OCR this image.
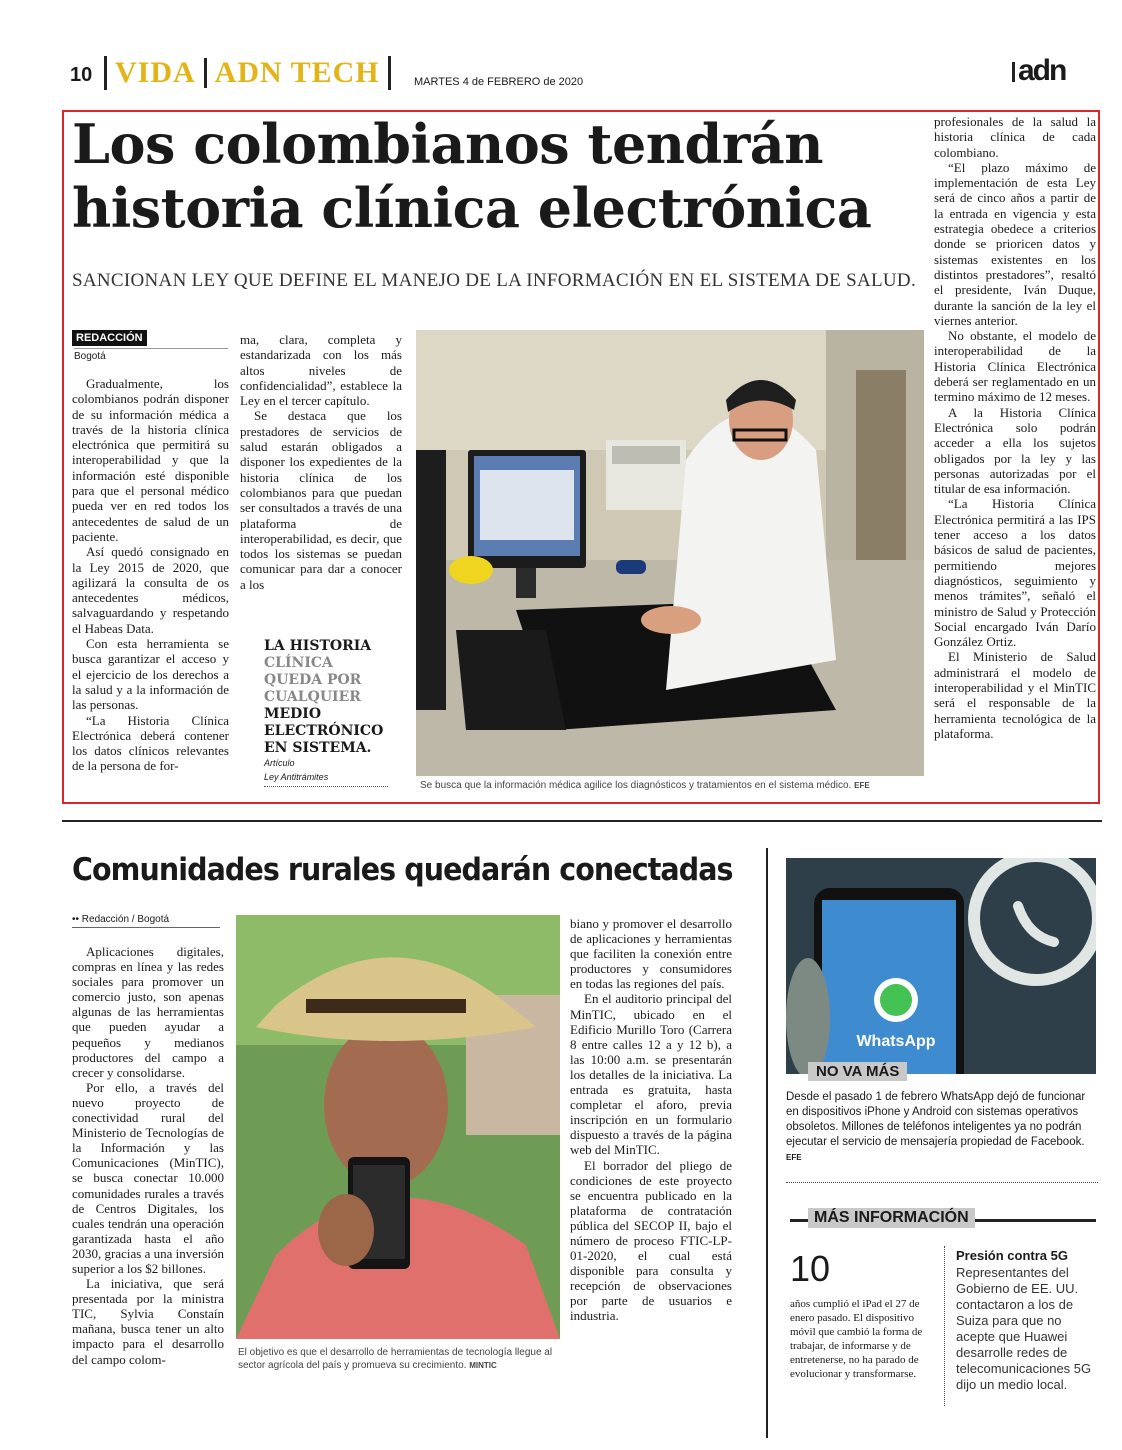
10 VIDA ADN TECH	MARTES 4 de FEBRERO de 2020	adn
Los colombianos tendrán historia clínica electrónica
SANCIONAN LEY QUE DEFINE EL MANEJO DE LA INFORMACIÓN EN EL SISTEMA DE SALUD.
REDACCIÓN
Bogotá

Gradualmente, los colombianos podrán disponer de su información médica a través de la historia clínica electrónica que permitirá su interoperabilidad y que la información esté disponible para que el personal médico pueda ver en red todos los antecedentes de salud de un paciente.

Así quedó consignado en la Ley 2015 de 2020, que agilizará la consulta de os antecedentes médicos, salvaguardando y respetando el Habeas Data.

Con esta herramienta se busca garantizar el acceso y el ejercicio de los derechos a la salud y a la información de las personas.

“La Historia Clínica Electrónica deberá contener los datos clínicos relevantes de la persona de for-

ma, clara, completa y estandarizada con los más altos niveles de confidencialidad”, establece la Ley en el tercer capítulo.

Se destaca que los prestadores de servicios de salud estarán obligados a disponer los expedientes de la historia clínica de los colombianos para que puedan ser consultados a través de una plataforma de interoperabilidad, es decir, que todos los sistemas se puedan comunicar para dar a conocer a los

LA HISTORIA CLÍNICA QUEDA POR CUALQUIER MEDIO ELECTRÓNICO EN SISTEMA.
Artículo
Ley Antitrámites
Se busca que la información médica agilice los diagnósticos y tratamientos en el sistema médico. EFE

profesionales de la salud la historia clínica de cada colombiano.

“El plazo máximo de implementación de esta Ley será de cinco años a partir de la entrada en vigencia y esta estrategia obedece a criterios donde se prioricen datos y sistemas existentes en los distintos prestadores”, resaltó el presidente, Iván Duque, durante la sanción de la ley el viernes anterior.

No obstante, el modelo de interoperabilidad de la Historia Clínica Electrónica deberá ser reglamentado en un termino máximo de 12 meses.

A la Historia Clínica Electrónica solo podrán acceder a ella los sujetos obligados por la ley y las personas autorizadas por el titular de esa información.

“La Historia Clínica Electrónica permitirá a las IPS tener acceso a los datos básicos de salud de pacientes, permitiendo mejores diagnósticos, seguimiento y menos trámites”, señaló el ministro de Salud y Protección Social encargado Iván Darío González Ortiz.

El Ministerio de Salud administrará el modelo de interoperabilidad y el MinTIC será el responsable de la herramienta tecnológica de la plataforma.

Comunidades rurales quedarán conectadas
•• Redacción / Bogotá

Aplicaciones digitales, compras en línea y las redes sociales para promover un comercio justo, son apenas algunas de las herramientas que pueden ayudar a pequeños y medianos productores del campo a crecer y consolidarse.

Por ello, a través del nuevo proyecto de conectividad rural del Ministerio de Tecnologías de la Información y las Comunicaciones (MinTIC), se busca conectar 10.000 comunidades rurales a través de Centros Digitales, los cuales tendrán una operación garantizada hasta el año 2030, gracias a una inversión superior a los $2 billones.

La iniciativa, que será presentada por la ministra TIC, Sylvia Constaín mañana, busca tener un alto impacto para el desarrollo del campo colom-	El objetivo es que el desarrollo de herramientas de tecnología llegue al sector agrícola del país y promueva su crecimiento. MINTIC

biano y promover el desarrollo de aplicaciones y herramientas que faciliten la conexión entre productores y consumidores en todas las regiones del país.

En el auditorio principal del MinTIC, ubicado en el Edificio Murillo Toro (Carrera 8 entre calles 12 a y 12 b), a las 10:00 a.m. se presentarán los detalles de la iniciativa. La entrada es gratuita, hasta completar el aforo, previa inscripción en un formulario dispuesto a través de la página web del MinTIC.

El borrador del pliego de condiciones de este proyecto se encuentra publicado en la plataforma de contratación pública del SECOP II, bajo el número de proceso FTIC-LP-01-2020, el cual está disponible para consulta y recepción de observaciones por parte de usuarios e industria.

WhatsApp
NO VA MÁS
Desde el pasado 1 de febrero WhatsApp dejó de funcionar en dispositivos iPhone y Android con sistemas operativos obsoletos. Millones de teléfonos inteligentes ya no podrán ejecutar el servicio de mensajería propiedad de Facebook. EFE
MÁS INFORMACIÓN
10
años cumplió el iPad el 27 de enero pasado. El dispositivo móvil que cambió la forma de trabajar, de informarse y de entretenerse, no ha parado de evolucionar y transformarse.
Presión contra 5G
Representantes del Gobierno de EE. UU. contactaron a los de Suiza para que no acepte que Huawei desarrolle redes de telecomunicaciones 5G dijo un medio local.
